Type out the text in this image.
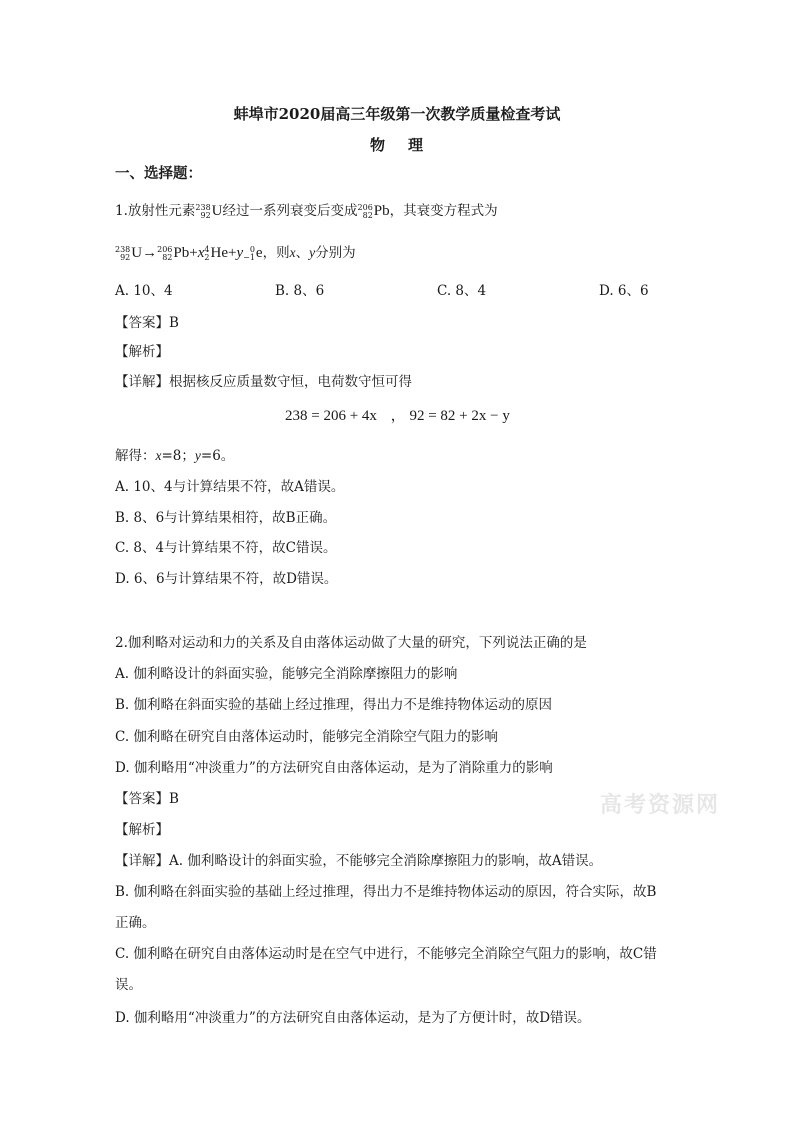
蚌埠市2020届高三年级第一次教学质量检查考试
物 理
一、选择题：
1.放射性元素 238
92 U经过一系列衰变后变成 206
82 Pb，其衰变方程式为
238
92 U→ 206
82 Pb+x 4
2 He+y 0
−1 e，则x、y分别为
A. 10、4	B. 8、6	C. 8、4	D. 6、6
【答案】B
【解析】
【详解】根据核反应质量数守恒，电荷数守恒可得
238 = 206 + 4x ， 92 = 82 + 2x − y
解得：x=8；y=6。
A. 10、4与计算结果不符，故A错误。
B. 8、6与计算结果相符，故B正确。
C. 8、4与计算结果不符，故C错误。
D. 6、6与计算结果不符，故D错误。
2.伽利略对运动和力的关系及自由落体运动做了大量的研究，下列说法正确的是
A. 伽利略设计的斜面实验，能够完全消除摩擦阻力的影响
B. 伽利略在斜面实验的基础上经过推理，得出力不是维持物体运动的原因
C. 伽利略在研究自由落体运动时，能够完全消除空气阻力的影响
D. 伽利略用“冲淡重力”的方法研究自由落体运动，是为了消除重力的影响
高考资源网
【答案】B
【解析】
【详解】A. 伽利略设计的斜面实验，不能够完全消除摩擦阻力的影响，故A错误。
B. 伽利略在斜面实验的基础上经过推理，得出力不是维持物体运动的原因，符合实际，故B
正确。
C. 伽利略在研究自由落体运动时是在空气中进行，不能够完全消除空气阻力的影响，故C错
误。
D. 伽利略用“冲淡重力”的方法研究自由落体运动，是为了方便计时，故D错误。
